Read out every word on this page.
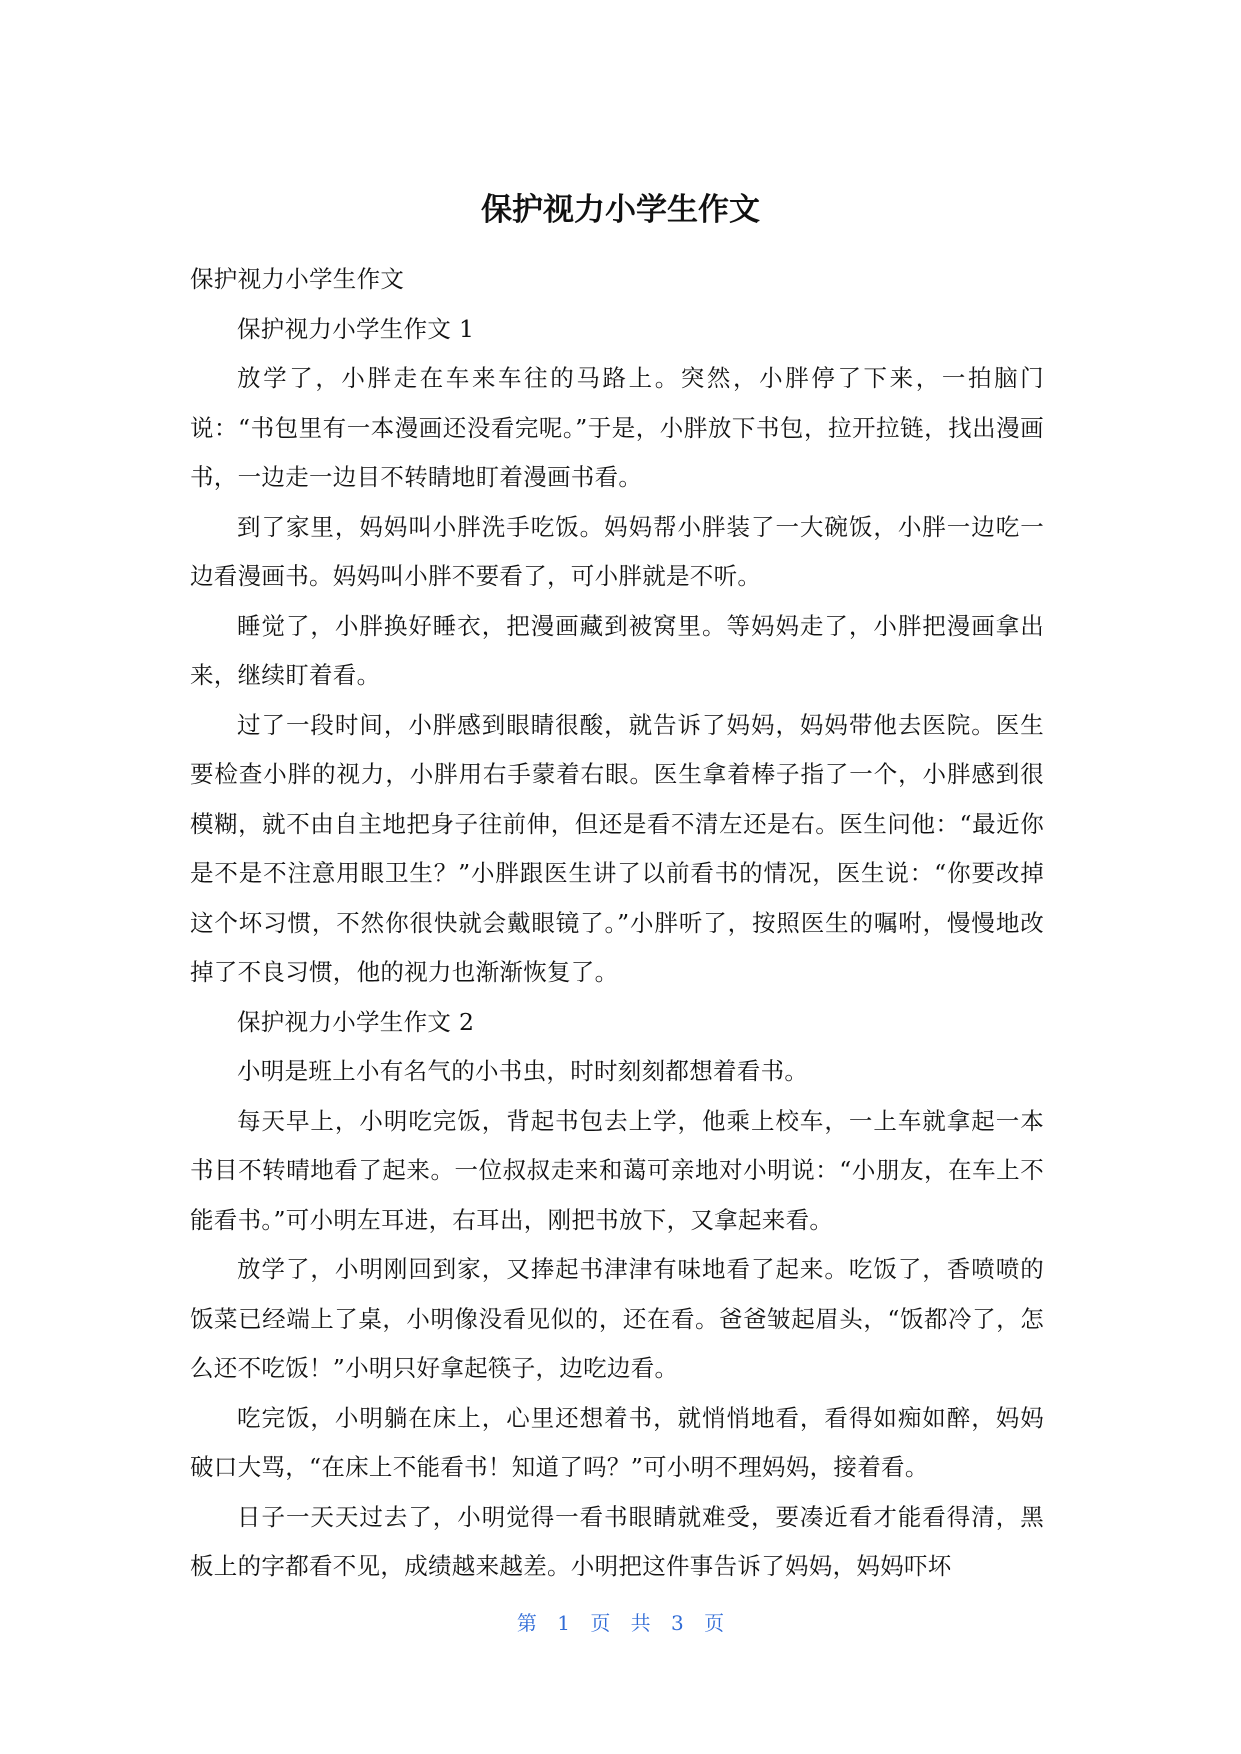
保护视力小学生作文

保护视力小学生作文

保护视力小学生作文 1

放学了，小胖走在车来车往的马路上。突然，小胖停了下来，一拍脑门说：“书包里有一本漫画还没看完呢。”于是，小胖放下书包，拉开拉链，找出漫画书，一边走一边目不转睛地盯着漫画书看。

到了家里，妈妈叫小胖洗手吃饭。妈妈帮小胖装了一大碗饭，小胖一边吃一边看漫画书。妈妈叫小胖不要看了，可小胖就是不听。

睡觉了，小胖换好睡衣，把漫画藏到被窝里。等妈妈走了，小胖把漫画拿出来，继续盯着看。

过了一段时间，小胖感到眼睛很酸，就告诉了妈妈，妈妈带他去医院。医生要检查小胖的视力，小胖用右手蒙着右眼。医生拿着棒子指了一个，小胖感到很模糊，就不由自主地把身子往前伸，但还是看不清左还是右。医生问他：“最近你是不是不注意用眼卫生？”小胖跟医生讲了以前看书的情况，医生说：“你要改掉这个坏习惯，不然你很快就会戴眼镜了。”小胖听了，按照医生的嘱咐，慢慢地改掉了不良习惯，他的视力也渐渐恢复了。

保护视力小学生作文 2

小明是班上小有名气的小书虫，时时刻刻都想着看书。

每天早上，小明吃完饭，背起书包去上学，他乘上校车，一上车就拿起一本书目不转晴地看了起来。一位叔叔走来和蔼可亲地对小明说：“小朋友，在车上不能看书。”可小明左耳进，右耳出，刚把书放下，又拿起来看。

放学了，小明刚回到家，又捧起书津津有味地看了起来。吃饭了，香喷喷的饭菜已经端上了桌，小明像没看见似的，还在看。爸爸皱起眉头，“饭都冷了，怎么还不吃饭！”小明只好拿起筷子，边吃边看。

吃完饭，小明躺在床上，心里还想着书，就悄悄地看，看得如痴如醉，妈妈破口大骂，“在床上不能看书！知道了吗？”可小明不理妈妈，接着看。

日子一天天过去了，小明觉得一看书眼睛就难受，要凑近看才能看得清，黑板上的字都看不见，成绩越来越差。小明把这件事告诉了妈妈，妈妈吓坏

第 1 页 共 3 页
